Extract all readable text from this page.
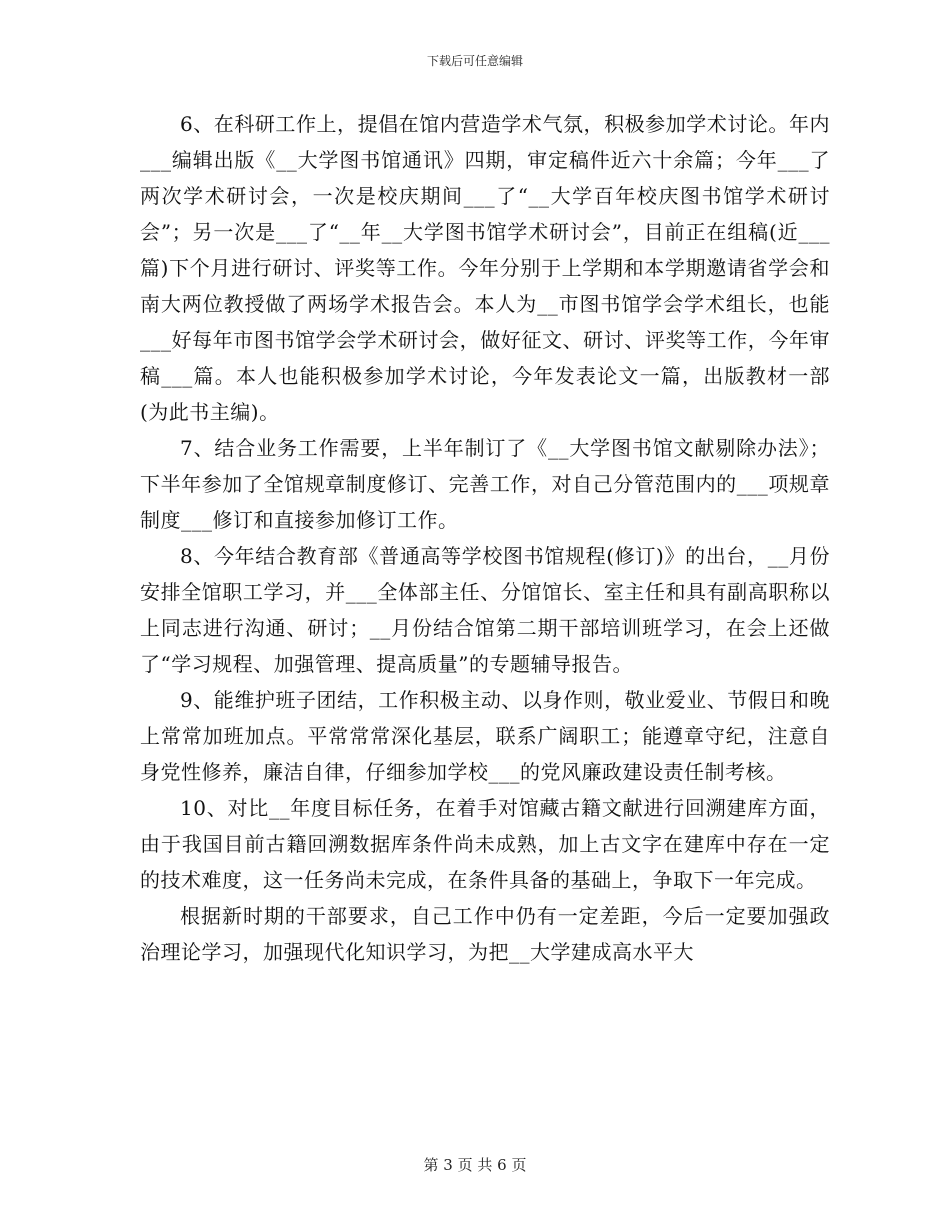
下载后可任意编辑

6、在科研工作上，提倡在馆内营造学术气氛，积极参加学术讨论。年内___编辑出版《__大学图书馆通讯》四期，审定稿件近六十余篇；今年___了两次学术研讨会，一次是校庆期间___了“__大学百年校庆图书馆学术研讨会”；另一次是___了“__年__大学图书馆学术研讨会”，目前正在组稿(近___篇)下个月进行研讨、评奖等工作。今年分别于上学期和本学期邀请省学会和南大两位教授做了两场学术报告会。本人为__市图书馆学会学术组长，也能___好每年市图书馆学会学术研讨会，做好征文、研讨、评奖等工作，今年审稿___篇。本人也能积极参加学术讨论，今年发表论文一篇，出版教材一部(为此书主编)。

7、结合业务工作需要，上半年制订了《__大学图书馆文献剔除办法》；下半年参加了全馆规章制度修订、完善工作，对自己分管范围内的___项规章制度___修订和直接参加修订工作。

8、今年结合教育部《普通高等学校图书馆规程(修订)》的出台，__月份安排全馆职工学习，并___全体部主任、分馆馆长、室主任和具有副高职称以上同志进行沟通、研讨；__月份结合馆第二期干部培训班学习，在会上还做了“学习规程、加强管理、提高质量”的专题辅导报告。

9、能维护班子团结，工作积极主动、以身作则，敬业爱业、节假日和晚上常常加班加点。平常常常深化基层，联系广阔职工；能遵章守纪，注意自身党性修养，廉洁自律，仔细参加学校___的党风廉政建设责任制考核。

10、对比__年度目标任务，在着手对馆藏古籍文献进行回溯建库方面，由于我国目前古籍回溯数据库条件尚未成熟，加上古文字在建库中存在一定的技术难度，这一任务尚未完成，在条件具备的基础上，争取下一年完成。

根据新时期的干部要求，自己工作中仍有一定差距，今后一定要加强政治理论学习，加强现代化知识学习，为把__大学建成高水平大

第 3 页 共 6 页
